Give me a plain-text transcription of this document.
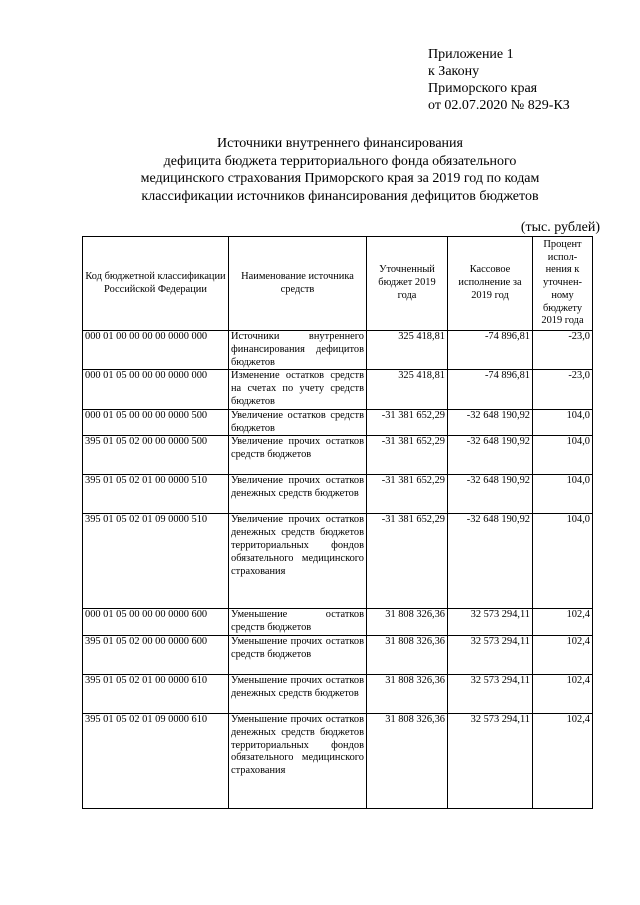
Приложение 1
к Закону
Приморского края
от 02.07.2020 № 829-КЗ
Источники внутреннего финансирования
дефицита бюджета территориального фонда обязательного
медицинского страхования Приморского края за 2019 год по кодам
классификации источников финансирования дефицитов бюджетов
(тыс. рублей)
Код бюджетной классификации Российской Федерации	Наименование источника средств	Уточненный бюджет 2019 года	Кассовое исполнение за 2019 год	Процент испол-нения к уточнен-ному бюджету 2019 года
000 01 00 00 00 00 0000 000	Источники внутреннего финансирования дефицитов бюджетов	325 418,81	-74 896,81	-23,0
000 01 05 00 00 00 0000 000	Изменение остатков средств на счетах по учету средств бюджетов	325 418,81	-74 896,81	-23,0
000 01 05 00 00 00 0000 500	Увеличение остатков средств бюджетов	-31 381 652,29	-32 648 190,92	104,0
395 01 05 02 00 00 0000 500	Увеличение прочих остатков средств бюджетов	-31 381 652,29	-32 648 190,92	104,0
395 01 05 02 01 00 0000 510	Увеличение прочих остатков денежных средств бюджетов	-31 381 652,29	-32 648 190,92	104,0
395 01 05 02 01 09 0000 510	Увеличение прочих остатков денежных средств бюджетов территориальных фондов обязательного медицинского страхования	-31 381 652,29	-32 648 190,92	104,0
000 01 05 00 00 00 0000 600	Уменьшение остатков средств бюджетов	31 808 326,36	32 573 294,11	102,4
395 01 05 02 00 00 0000 600	Уменьшение прочих остатков средств бюджетов	31 808 326,36	32 573 294,11	102,4
395 01 05 02 01 00 0000 610	Уменьшение прочих остатков денежных средств бюджетов	31 808 326,36	32 573 294,11	102,4
395 01 05 02 01 09 0000 610	Уменьшение прочих остатков денежных средств бюджетов территориальных фондов обязательного медицинского страхования	31 808 326,36	32 573 294,11	102,4
